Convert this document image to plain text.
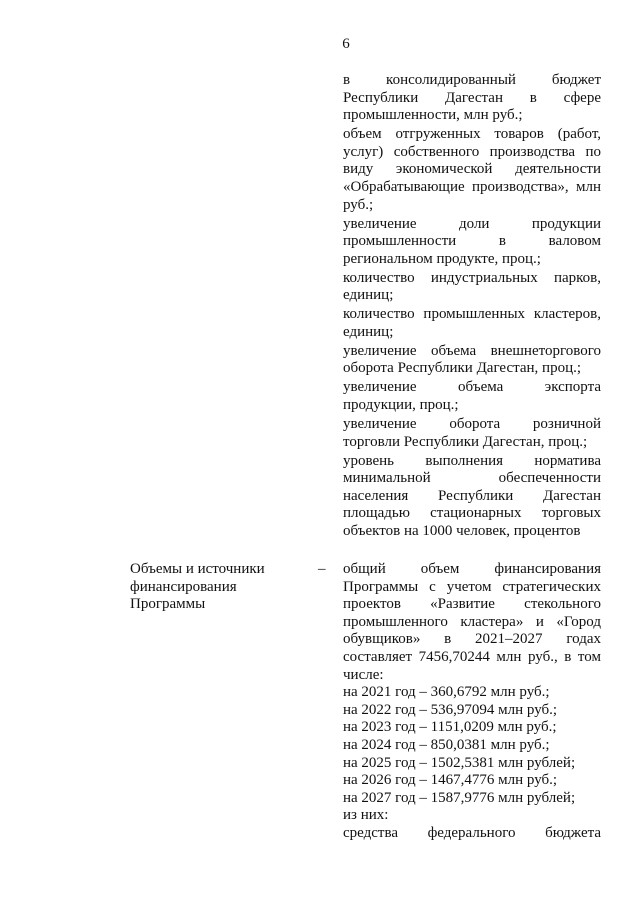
6
в консолидированный бюджет Республики Дагестан в сфере промышленности, млн руб.;
объем отгруженных товаров (работ, услуг) собственного производства по виду экономической деятельности «Обрабатывающие производства», млн руб.;
увеличение доли продукции промышленности в валовом региональном продукте, проц.;
количество индустриальных парков, единиц;
количество промышленных кластеров, единиц;
увеличение объема внешнеторгового оборота Республики Дагестан, проц.;
увеличение объема экспорта продукции, проц.;
увеличение оборота розничной торговли Республики Дагестан, проц.;
уровень выполнения норматива минимальной обеспеченности населения Республики Дагестан площадью стационарных торговых объектов на 1000 человек, процентов
Объемы и источники финансирования Программы
– общий объем финансирования Программы с учетом стратегических проектов «Развитие стекольного промышленного кластера» и «Город обувщиков» в 2021–2027 годах составляет 7456,70244 млн руб., в том числе:
на 2021 год – 360,6792 млн руб.;
на 2022 год – 536,97094 млн руб.;
на 2023 год – 1151,0209 млн руб.;
на 2024 год – 850,0381 млн руб.;
на 2025 год – 1502,5381 млн рублей;
на 2026 год – 1467,4776 млн руб.;
на 2027 год – 1587,9776 млн рублей;
из них:
средства федерального бюджета
